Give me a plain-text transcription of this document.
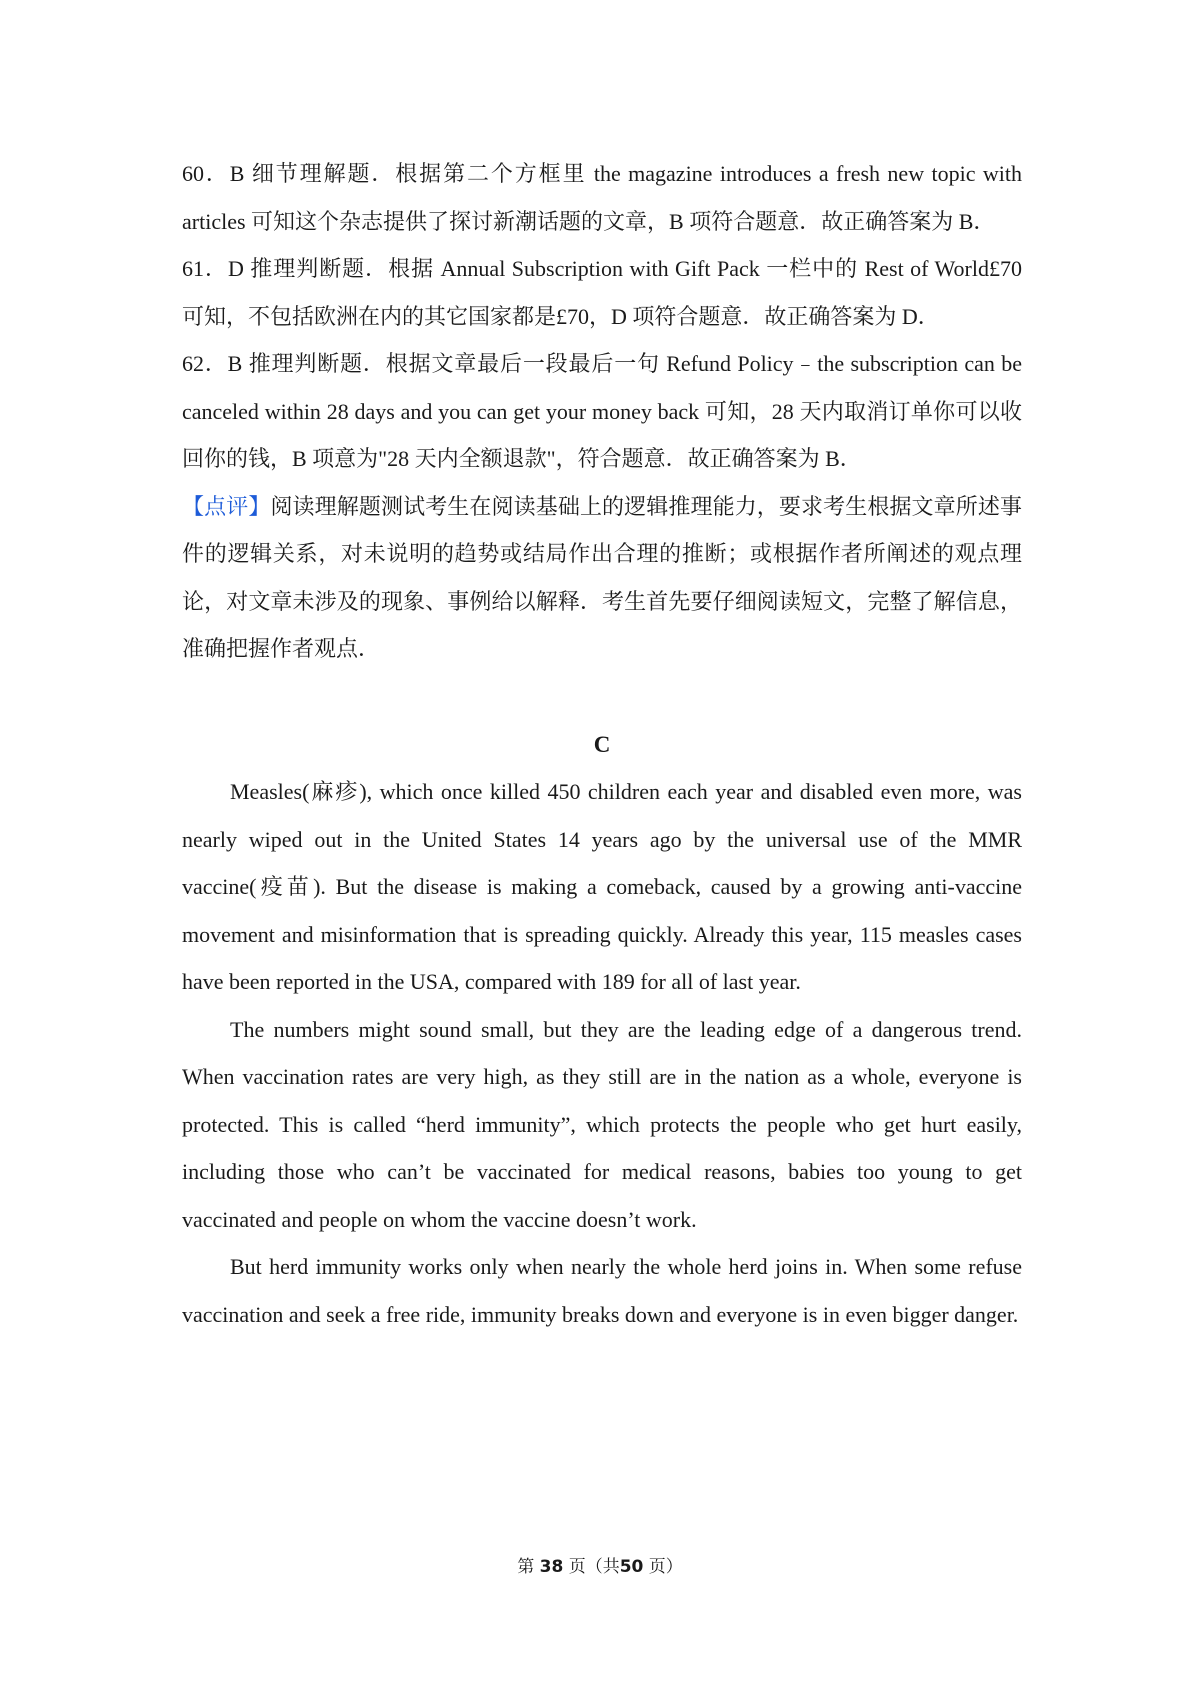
60．B 细节理解题．根据第二个方框里 the magazine introduces a fresh new topic with articles 可知这个杂志提供了探讨新潮话题的文章，B 项符合题意．故正确答案为 B．

61．D 推理判断题．根据 Annual Subscription with Gift Pack 一栏中的 Rest of World£70 可知，不包括欧洲在内的其它国家都是£70，D 项符合题意．故正确答案为 D．

62．B 推理判断题．根据文章最后一段最后一句 Refund Policy﹣the subscription can be canceled within 28 days and you can get your money back 可知，28 天内取消订单你可以收回你的钱，B 项意为"28 天内全额退款"，符合题意．故正确答案为 B．

【点评】阅读理解题测试考生在阅读基础上的逻辑推理能力，要求考生根据文章所述事件的逻辑关系，对未说明的趋势或结局作出合理的推断；或根据作者所阐述的观点理论，对文章未涉及的现象、事例给以解释．考生首先要仔细阅读短文，完整了解信息，准确把握作者观点．

C

Measles(麻疹), which once killed 450 children each year and disabled even more, was nearly wiped out in the United States 14 years ago by the universal use of the MMR vaccine(疫苗). But the disease is making a comeback, caused by a growing anti-vaccine movement and misinformation that is spreading quickly. Already this year, 115 measles cases have been reported in the USA, compared with 189 for all of last year.

The numbers might sound small, but they are the leading edge of a dangerous trend. When vaccination rates are very high, as they still are in the nation as a whole, everyone is protected. This is called “herd immunity”, which protects the people who get hurt easily, including those who can’t be vaccinated for medical reasons, babies too young to get vaccinated and people on whom the vaccine doesn’t work.

But herd immunity works only when nearly the whole herd joins in. When some refuse vaccination and seek a free ride, immunity breaks down and everyone is in even bigger danger.

第 38 页（共50 页）
